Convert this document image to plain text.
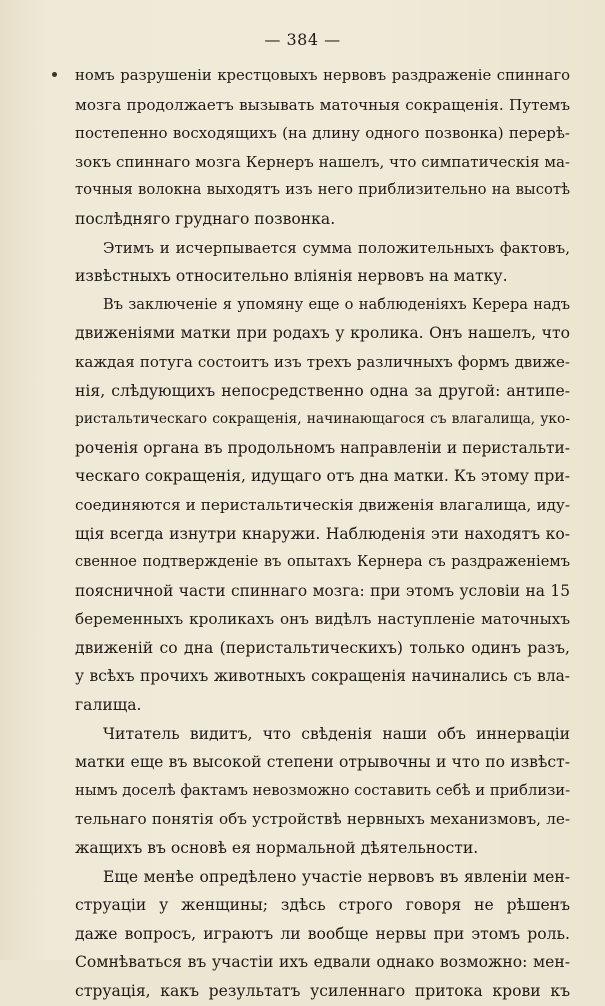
— 384 —
номъ разрушеніи крестцовыхъ нервовъ раздраженіе спиннаго
мозга продолжаетъ вызывать маточныя сокращенія. Путемъ
постепенно восходящихъ (на длину одного позвонка) перерѣ-
зокъ спиннаго мозга Кернеръ нашелъ, что симпатическія ма-
точныя волокна выходятъ изъ него приблизительно на высотѣ
послѣдняго груднаго позвонка.
Этимъ и исчерпывается сумма положительныхъ фактовъ,
извѣстныхъ относительно вліянія нервовъ на матку.
Въ заключеніе я упомяну еще о наблюденіяхъ Керера надъ
движеніями матки при родахъ у кролика. Онъ нашелъ, что
каждая потуга состоитъ изъ трехъ различныхъ формъ движе-
нія, слѣдующихъ непосредственно одна за другой: антипе-
ристальтическаго сокращенія, начинающагося съ влагалища, уко-
роченія органа въ продольномъ направленіи и перистальти-
ческаго сокращенія, идущаго отъ дна матки. Къ этому при-
соединяются и перистальтическія движенія влагалища, иду-
щія всегда изнутри кнаружи. Наблюденія эти находятъ ко-
свенное подтвержденіе въ опытахъ Кернера съ раздраженіемъ
поясничной части спиннаго мозга: при этомъ условіи на 15
беременныхъ кроликахъ онъ видѣлъ наступленіе маточныхъ
движеній со дна (перистальтическихъ) только одинъ разъ,
у всѣхъ прочихъ животныхъ сокращенія начинались съ вла-
галища.
Читатель видитъ, что свѣденія наши объ иннерваціи
матки еще въ высокой степени отрывочны и что по извѣст-
нымъ доселѣ фактамъ невозможно составить себѣ и приблизи-
тельнаго понятія объ устройствѣ нервныхъ механизмовъ, ле-
жащихъ въ основѣ ея нормальной дѣятельности.
Еще менѣе опредѣлено участіе нервовъ въ явленіи мен-
струаціи у женщины; здѣсь строго говоря не рѣшенъ
даже вопросъ, играютъ ли вообще нервы при этомъ роль.
Сомнѣваться въ участіи ихъ едвали однако возможно: мен-
струація, какъ результатъ усиленнаго притока крови къ
